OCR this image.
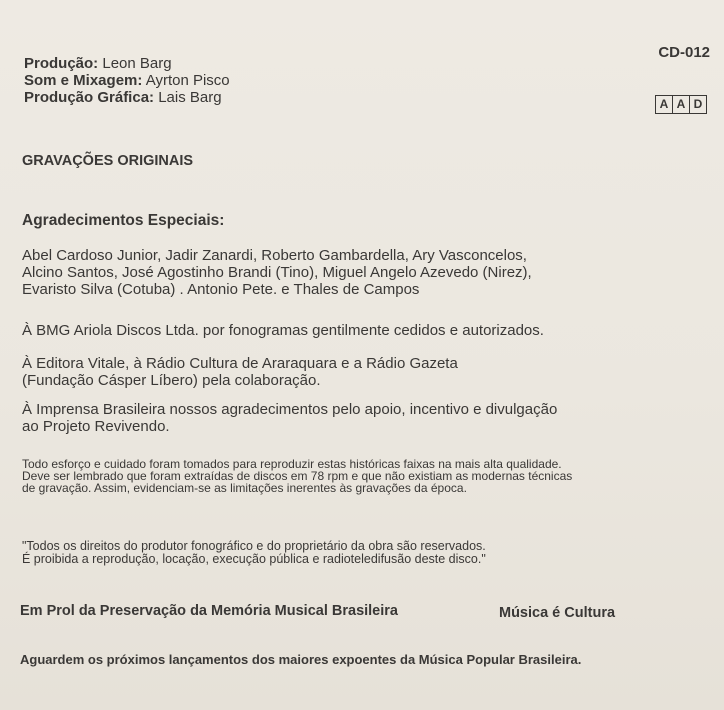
Produção: Leon Barg
Som e Mixagem: Ayrton Pisco
Produção Gráfica: Lais Barg
CD-012
A A D
GRAVAÇÕES ORIGINAIS
Agradecimentos Especiais:
Abel Cardoso Junior, Jadir Zanardi, Roberto Gambardella, Ary Vasconcelos,
Alcino Santos, José Agostinho Brandi (Tino), Miguel Angelo Azevedo (Nirez),
Evaristo Silva (Cotuba) . Antonio Pete. e Thales de Campos
À BMG Ariola Discos Ltda. por fonogramas gentilmente cedidos e autorizados.
À Editora Vitale, à Rádio Cultura de Araraquara e a Rádio Gazeta
(Fundação Cásper Líbero) pela colaboração.
À Imprensa Brasileira nossos agradecimentos pelo apoio, incentivo e divulgação
ao Projeto Revivendo.
Todo esforço e cuidado foram tomados para reproduzir estas históricas faixas na mais alta qualidade.
Deve ser lembrado que foram extraídas de discos em 78 rpm e que não existiam as modernas técnicas
de gravação. Assim, evidenciam-se as limitações inerentes às gravações da época.
"Todos os direitos do produtor fonográfico e do proprietário da obra são reservados.
É proibida a reprodução, locação, execução pública e radioteledifusão deste disco."
Em Prol da Preservação da Memória Musical Brasileira	Música é Cultura
Aguardem os próximos lançamentos dos maiores expoentes da Música Popular Brasileira.
